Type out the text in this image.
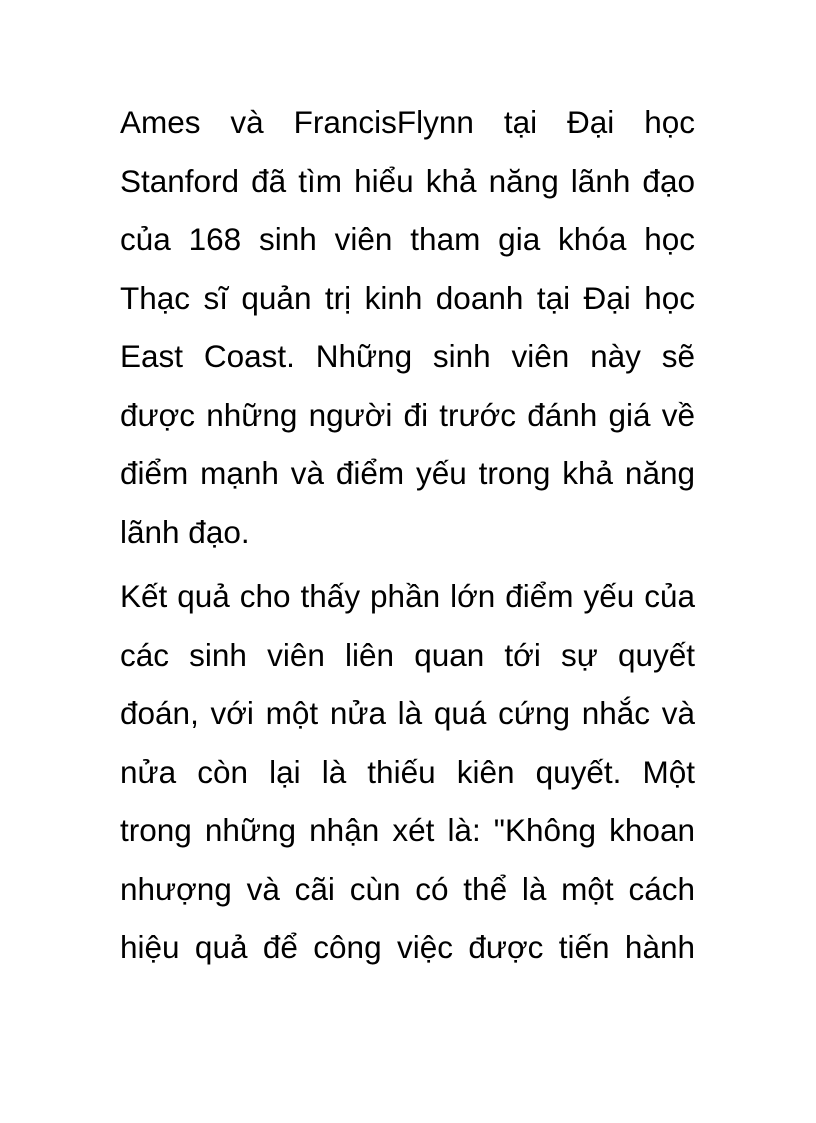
Ames và FrancisFlynn tại Đại học
Stanford đã tìm hiểu khả năng lãnh đạo
của 168 sinh viên tham gia khóa học
Thạc sĩ quản trị kinh doanh tại Đại học
East Coast. Những sinh viên này sẽ
được những người đi trước đánh giá về
điểm mạnh và điểm yếu trong khả năng
lãnh đạo.
Kết quả cho thấy phần lớn điểm yếu của
các sinh viên liên quan tới sự quyết
đoán, với một nửa là quá cứng nhắc và
nửa còn lại là thiếu kiên quyết. Một
trong những nhận xét là: "Không khoan
nhượng và cãi cùn có thể là một cách
hiệu quả để công việc được tiến hành
